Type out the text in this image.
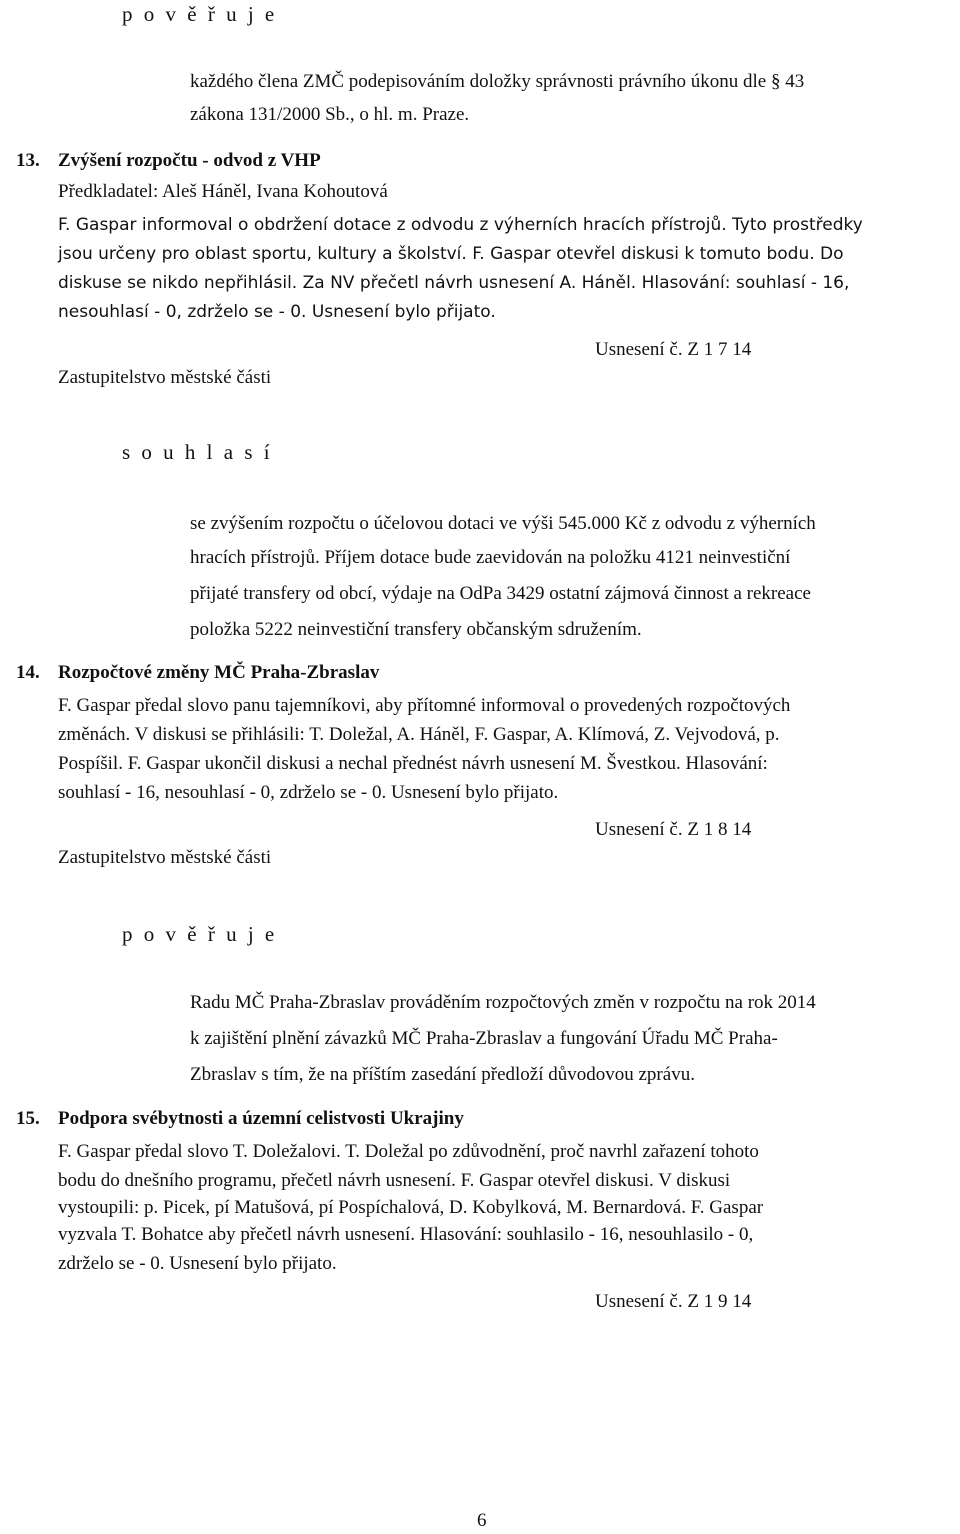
p o v ě ř u j e
každého člena ZMČ podepisováním doložky správnosti právního úkonu dle § 43
zákona 131/2000 Sb., o hl. m. Praze.
13. Zvýšení rozpočtu - odvod z VHP
Předkladatel: Aleš Háněl, Ivana Kohoutová
F. Gaspar informoval o obdržení dotace z odvodu z výherních hracích přístrojů. Tyto prostředky
jsou určeny pro oblast sportu, kultury a školství. F. Gaspar otevřel diskusi k tomuto bodu. Do
diskuse se nikdo nepřihlásil. Za NV přečetl návrh usnesení A. Háněl. Hlasování: souhlasí - 16,
nesouhlasí - 0, zdrželo se - 0. Usnesení bylo přijato.
Usnesení č. Z 1 7 14
Zastupitelstvo městské části
s o u h l a s í
se zvýšením rozpočtu o účelovou dotaci ve výši 545.000 Kč z odvodu z výherních
hracích přístrojů. Příjem dotace bude zaevidován na položku 4121 neinvestiční
přijaté transfery od obcí, výdaje na OdPa 3429 ostatní zájmová činnost a rekreace
položka 5222 neinvestiční transfery občanským sdružením.
14. Rozpočtové změny MČ Praha-Zbraslav
F. Gaspar předal slovo panu tajemníkovi, aby přítomné informoval o provedených rozpočtových
změnách. V diskusi se přihlásili: T. Doležal, A. Háněl, F. Gaspar, A. Klímová, Z. Vejvodová, p.
Pospíšil. F. Gaspar ukončil diskusi a nechal přednést návrh usnesení M. Švestkou. Hlasování:
souhlasí - 16, nesouhlasí - 0, zdrželo se - 0. Usnesení bylo přijato.
Usnesení č. Z 1 8 14
Zastupitelstvo městské části
p o v ě ř u j e
Radu MČ Praha-Zbraslav prováděním rozpočtových změn v rozpočtu na rok 2014
k zajištění plnění závazků MČ Praha-Zbraslav a fungování Úřadu MČ Praha-
Zbraslav s tím, že na příštím zasedání předloží důvodovou zprávu.
15. Podpora svébytnosti a územní celistvosti Ukrajiny
F. Gaspar předal slovo T. Doležalovi. T. Doležal po zdůvodnění, proč navrhl zařazení tohoto
bodu do dnešního programu, přečetl návrh usnesení. F. Gaspar otevřel diskusi. V diskusi
vystoupili: p. Picek, pí Matušová, pí Pospíchalová, D. Kobylková, M. Bernardová. F. Gaspar
vyzvala T. Bohatce aby přečetl návrh usnesení. Hlasování: souhlasilo - 16, nesouhlasilo - 0,
zdrželo se - 0. Usnesení bylo přijato.
Usnesení č. Z 1 9 14
6
